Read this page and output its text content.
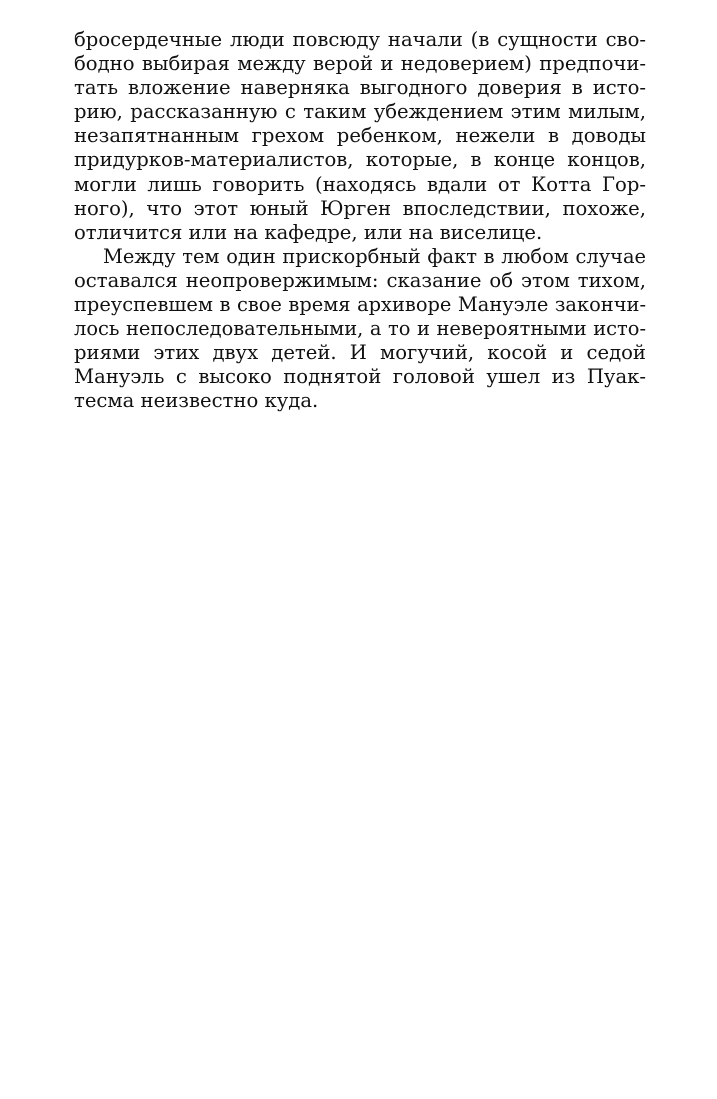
бросердечные люди повсюду начали (в сущности сво-
бодно выбирая между верой и недоверием) предпочи-
тать вложение наверняка выгодного доверия в исто-
рию, рассказанную с таким убеждением этим милым,
незапятнанным грехом ребенком, нежели в доводы
придурков-материалистов, которые, в конце концов,
могли лишь говорить (находясь вдали от Котта Гор-
ного), что этот юный Юрген впоследствии, похоже,
отличится или на кафедре, или на виселице.
Между тем один прискорбный факт в любом случае
оставался неопровержимым: сказание об этом тихом,
преуспевшем в свое время архиворе Мануэле закончи-
лось непоследовательными, а то и невероятными исто-
риями этих двух детей. И могучий, косой и седой
Мануэль с высоко поднятой головой ушел из Пуак-
тесма неизвестно куда.
